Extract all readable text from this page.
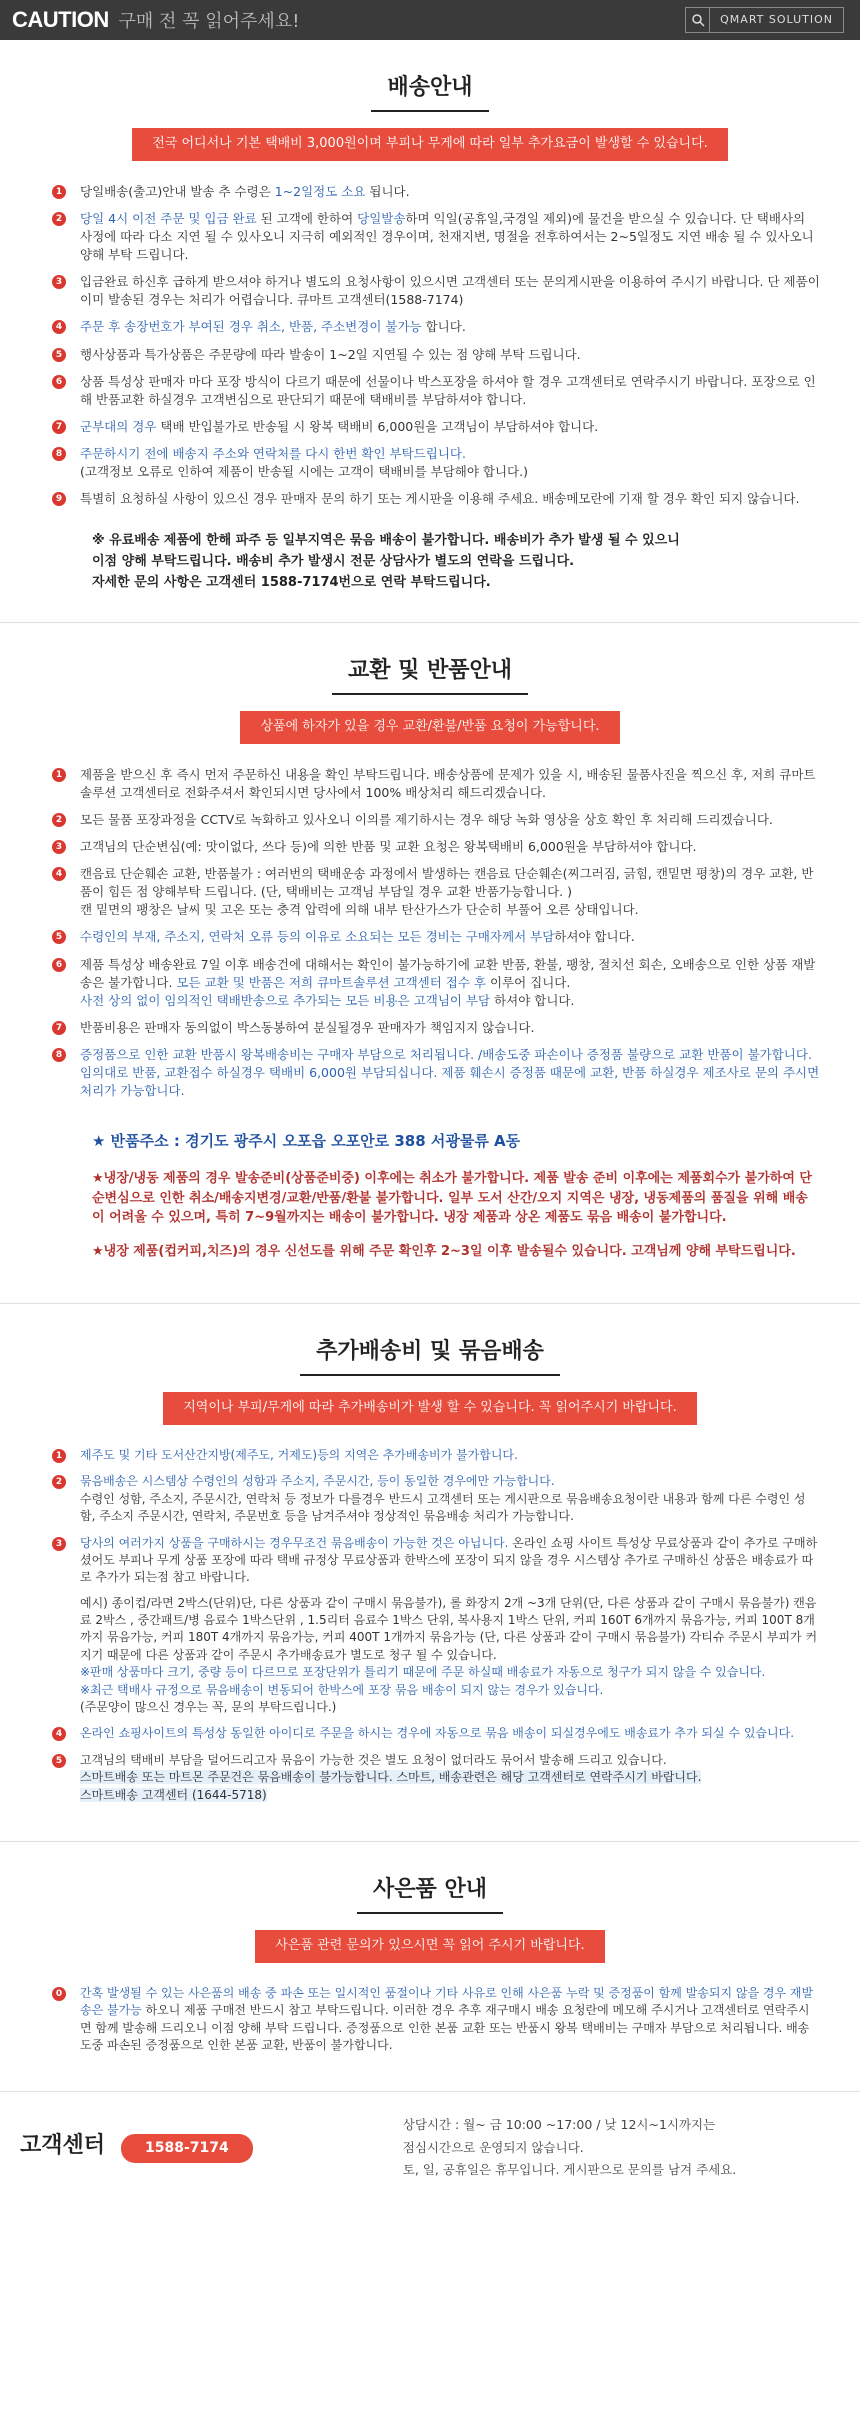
CAUTION 구매 전 꼭 읽어주세요!	QMART SOLUTION
배송안내
전국 어디서나 기본 택배비 3,000원이며 부피나 무게에 따라 일부 추가요금이 발생할 수 있습니다.
1	당일배송(출고)안내 발송 추 수령은 1~2일정도 소요 됩니다.
2	당일 4시 이전 주문 및 입금 완료 된 고객에 한하여 당일발송하며 익일(공휴일,국경일 제외)에 물건을 받으실 수 있습니다. 단 택배사의 사정에 따라 다소 지연 될 수 있사오니 지극히 예외적인 경우이며, 천재지변, 명절을 전후하여서는 2~5일정도 지연 배송 될 수 있사오니 양해 부탁 드립니다.
3	입금완료 하신후 급하게 받으셔야 하거나 별도의 요청사항이 있으시면 고객센터 또는 문의게시판을 이용하여 주시기 바랍니다. 단 제품이 이미 발송된 경우는 처리가 어렵습니다. 큐마트 고객센터(1588-7174)
4	주문 후 송장번호가 부여된 경우 취소, 반품, 주소변경이 불가능 합니다.
5	행사상품과 특가상품은 주문량에 따라 발송이 1~2일 지연될 수 있는 점 양해 부탁 드립니다.
6	상품 특성상 판매자 마다 포장 방식이 다르기 때문에 선물이나 박스포장을 하셔야 할 경우 고객센터로 연락주시기 바랍니다. 포장으로 인해 반품교환 하실경우 고객변심으로 판단되기 때문에 택배비를 부담하셔야 합니다.
7	군부대의 경우 택배 반입불가로 반송될 시 왕복 택배비 6,000원을 고객님이 부담하셔야 합니다.
8	주문하시기 전에 배송지 주소와 연락처를 다시 한번 확인 부탁드립니다.
(고객정보 오류로 인하여 제품이 반송될 시에는 고객이 택배비를 부담해야 합니다.)
9	특별히 요청하실 사항이 있으신 경우 판매자 문의 하기 또는 게시판을 이용해 주세요. 배송메모란에 기재 할 경우 확인 되지 않습니다.
※ 유료배송 제품에 한해 파주 등 일부지역은 묶음 배송이 불가합니다. 배송비가 추가 발생 될 수 있으니
이점 양해 부탁드립니다. 배송비 추가 발생시 전문 상담사가 별도의 연락을 드립니다.
자세한 문의 사항은 고객센터 1588-7174번으로 연락 부탁드립니다.
교환 및 반품안내
상품에 하자가 있을 경우 교환/환불/반품 요청이 가능합니다.
1	제품을 받으신 후 즉시 먼저 주문하신 내용을 확인 부탁드립니다. 배송상품에 문제가 있을 시, 배송된 물품사진을 찍으신 후, 저희 큐마트솔루션 고객센터로 전화주셔서 확인되시면 당사에서 100% 배상처리 해드리겠습니다.
2	모든 물품 포장과정을 CCTV로 녹화하고 있사오니 이의를 제기하시는 경우 해당 녹화 영상을 상호 확인 후 처리해 드리겠습니다.
3	고객님의 단순변심(예: 맛이없다, 쓰다 등)에 의한 반품 및 교환 요청은 왕복택배비 6,000원을 부담하셔야 합니다.
4	캔음료 단순훼손 교환, 반품불가 : 여러번의 택배운송 과정에서 발생하는 캔음료 단순훼손(찌그러짐, 긁힘, 캔밑면 평창)의 경우 교환, 반품이 힘든 점 양해부탁 드립니다. (단, 택배비는 고객님 부담일 경우 교환 반품가능합니다. )
캔 밑면의 팽창은 날씨 및 고온 또는 충격 압력에 의해 내부 탄산가스가 단순히 부풀어 오른 상태입니다.
5	수령인의 부재, 주소지, 연락처 오류 등의 이유로 소요되는 모든 경비는 구매자께서 부담하셔야 합니다.
6	제품 특성상 배송완료 7일 이후 배송건에 대해서는 확인이 불가능하기에 교환 반품, 환불, 팽창, 절치선 회손, 오배송으로 인한 상품 재발송은 불가합니다. 모든 교환 및 반품은 저희 큐마트솔루션 고객센터 접수 후 이루어 집니다.
사전 상의 없이 임의적인 택배반송으로 추가되는 모든 비용은 고객님이 부담 하셔야 합니다.
7	반품비용은 판매자 동의없이 박스동봉하여 분실될경우 판매자가 책임지지 않습니다.
8	증정품으로 인한 교환 반품시 왕복배송비는 구매자 부담으로 처리됩니다. /배송도중 파손이나 증정품 불량으로 교환 반품이 불가합니다. 임의대로 반품, 교환접수 하실경우 택배비 6,000원 부담되십니다. 제품 훼손시 증정품 때문에 교환, 반품 하실경우 제조사로 문의 주시면 처리가 가능합니다.
★ 반품주소 : 경기도 광주시 오포읍 오포안로 388 서광물류 A동

★냉장/냉동 제품의 경우 발송준비(상품준비중) 이후에는 취소가 불가합니다. 제품 발송 준비 이후에는 제품회수가 불가하여 단순변심으로 인한 취소/배송지변경/교환/반품/환불 불가합니다. 일부 도서 산간/오지 지역은 냉장, 냉동제품의 품질을 위해 배송이 어려울 수 있으며, 특히 7~9월까지는 배송이 불가합니다. 냉장 제품과 상온 제품도 묶음 배송이 불가합니다.

★냉장 제품(컵커피,치즈)의 경우 신선도를 위해 주문 확인후 2~3일 이후 발송될수 있습니다. 고객님께 양해 부탁드립니다.

추가배송비 및 묶음배송
지역이나 부피/무게에 따라 추가배송비가 발생 할 수 있습니다. 꼭 읽어주시기 바랍니다.
1	제주도 및 기타 도서산간지방(제주도, 거제도)등의 지역은 추가배송비가 불가합니다.
2	묶음배송은 시스템상 수령인의 성함과 주소지, 주문시간, 등이 동일한 경우에만 가능합니다.
수령인 성함, 주소지, 주문시간, 연락처 등 정보가 다를경우 반드시 고객센터 또는 게시판으로 묶음배송요청이란 내용과 함께 다른 수령인 성함, 주소지 주문시간, 연락처, 주문번호 등을 남겨주셔야 정상적인 묶음배송 처리가 가능합니다.
3	당사의 여러가지 상품을 구매하시는 경우무조건 묶음배송이 가능한 것은 아닙니다. 온라인 쇼핑 사이트 특성상 무료상품과 같이 추가로 구매하셨어도 부피나 무게 상품 포장에 따라 택배 규정상 무료상품과 한박스에 포장이 되지 않을 경우 시스템상 추가로 구매하신 상품은 배송료가 따로 추가가 되는점 참고 바랍니다.

예시) 종이컵/라면 2박스(단위)단, 다른 상품과 같이 구매시 묶음불가), 롤 화장지 2개 ~3개 단위(단, 다른 상품과 같이 구매시 묶음불가) 캔음료 2박스 , 중간패트/병 음료수 1박스단위 , 1.5리터 음료수 1박스 단위, 복사용지 1박스 단위, 커피 160T 6개까지 묶음가능, 커피 100T 8개까지 묶음가능, 커피 180T 4개까지 묶음가능, 커피 400T 1개까지 묶음가능 (단, 다른 상품과 같이 구매시 묶음불가) 각티슈 주문시 부피가 커지기 때문에 다른 상품과 같이 주문시 추가배송료가 별도로 청구 될 수 있습니다.

※판매 상품마다 크기, 중량 등이 다르므로 포장단위가 틀리기 때문에 주문 하실때 배송료가 자동으로 청구가 되지 않을 수 있습니다.

※최근 택배사 규정으로 묶음배송이 변동되어 한박스에 포장 묶음 배송이 되지 않는 경우가 있습니다.

(주문양이 많으신 경우는 꼭, 문의 부탁드립니다.)

4	온라인 쇼핑사이트의 특성상 동일한 아이디로 주문을 하시는 경우에 자동으로 묶음 배송이 되실경우에도 배송료가 추가 되실 수 있습니다.
5	고객님의 택배비 부담을 덜어드리고자 묶음이 가능한 것은 별도 요청이 없더라도 묶어서 발송해 드리고 있습니다.
스마트배송 또는 마트몬 주문건은 묶음배송이 불가능합니다. 스마트, 배송관련은 해당 고객센터로 연락주시기 바랍니다.
스마트배송 고객센터 (1644-5718)
사은품 안내
사은품 관련 문의가 있으시면 꼭 읽어 주시기 바랍니다.
0	간혹 발생될 수 있는 사은품의 배송 중 파손 또는 일시적인 품절이나 기타 사유로 인해 사은품 누락 및 증정품이 함께 발송되지 않을 경우 재발송은 불가능 하오니 제품 구매전 반드시 참고 부탁드립니다. 이러한 경우 추후 재구매시 배송 요청란에 메모해 주시거나 고객센터로 연락주시면 함께 발송해 드리오니 이점 양해 부탁 드립니다. 증정품으로 인한 본품 교환 또는 반품시 왕복 택배비는 구매자 부담으로 처리됩니다. 배송도중 파손된 증정품으로 인한 본품 교환, 반품이 불가합니다.
고객센터	1588-7174
상담시간 : 월~ 금 10:00 ~17:00 / 낮 12시~1시까지는
점심시간으로 운영되지 않습니다.
토, 일, 공휴일은 휴무입니다. 게시판으로 문의를 남겨 주세요.
